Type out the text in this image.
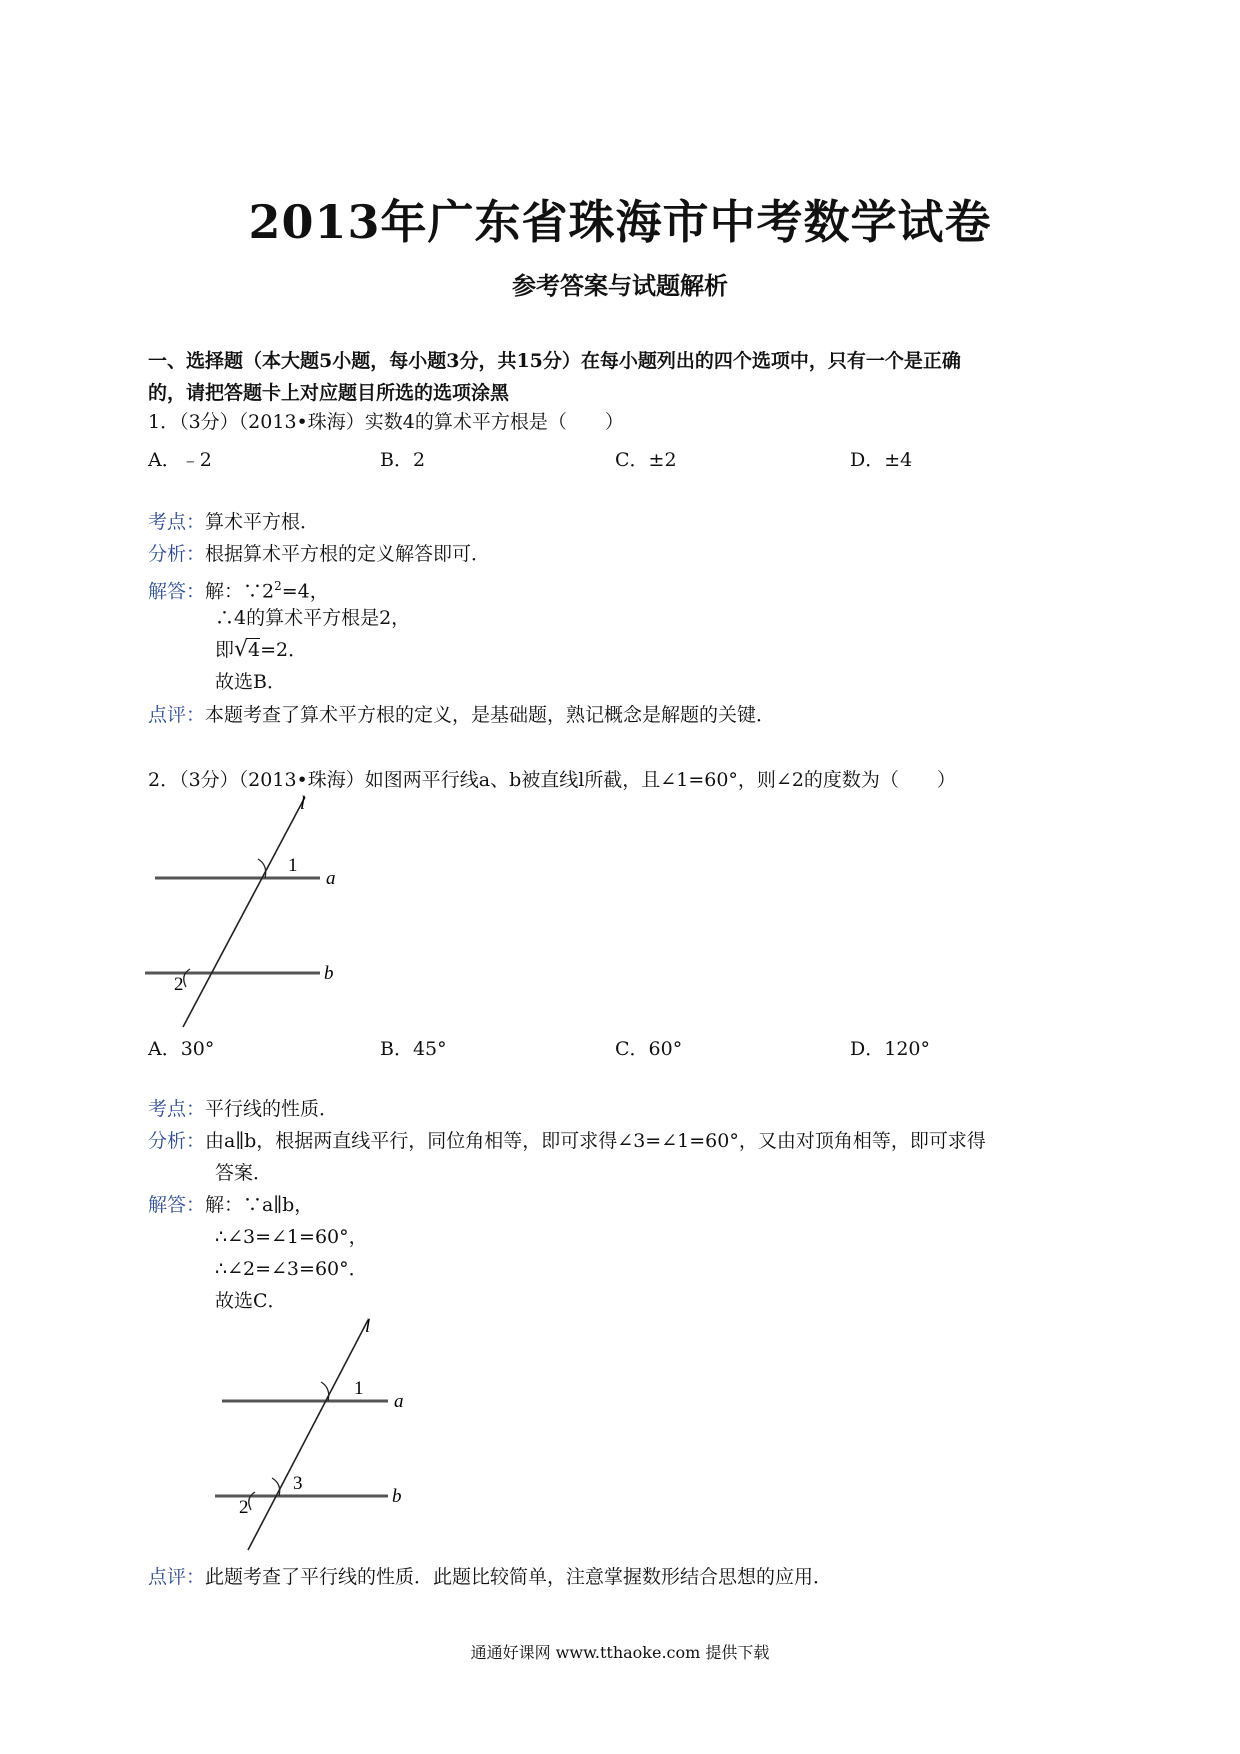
2013年广东省珠海市中考数学试卷
参考答案与试题解析
一、选择题（本大题5小题，每小题3分，共15分）在每小题列出的四个选项中，只有一个是正确
的，请把答题卡上对应题目所选的选项涂黑
1．（3分）（2013•珠海）实数4的算术平方根是（　　）
A．﹣2	B．2	C．±2	D．±4
考点：算术平方根．
分析：根据算术平方根的定义解答即可．
解答：解：$\because 2^2=4$，
∴4的算术平方根是2，
即√4=2．
故选B．
点评：本题考查了算术平方根的定义，是基础题，熟记概念是解题的关键．
2．（3分）（2013•珠海）如图两平行线a、b被直线l所截，且∠1=60°，则∠2的度数为（　　）
l
a
b
1
2
A．30°	B．45°	C．60°	D．120°
考点：平行线的性质．
分析：由a∥b，根据两直线平行，同位角相等，即可求得∠3=∠1=60°，又由对顶角相等，即可求得
答案．
解答：解：∵a∥b，
∴∠3=∠1=60°，
∴∠2=∠3=60°．
故选C．
l
a
b
1
3
2
点评：此题考查了平行线的性质．此题比较简单，注意掌握数形结合思想的应用．
通通好课网 www.tthaoke.com 提供下载
